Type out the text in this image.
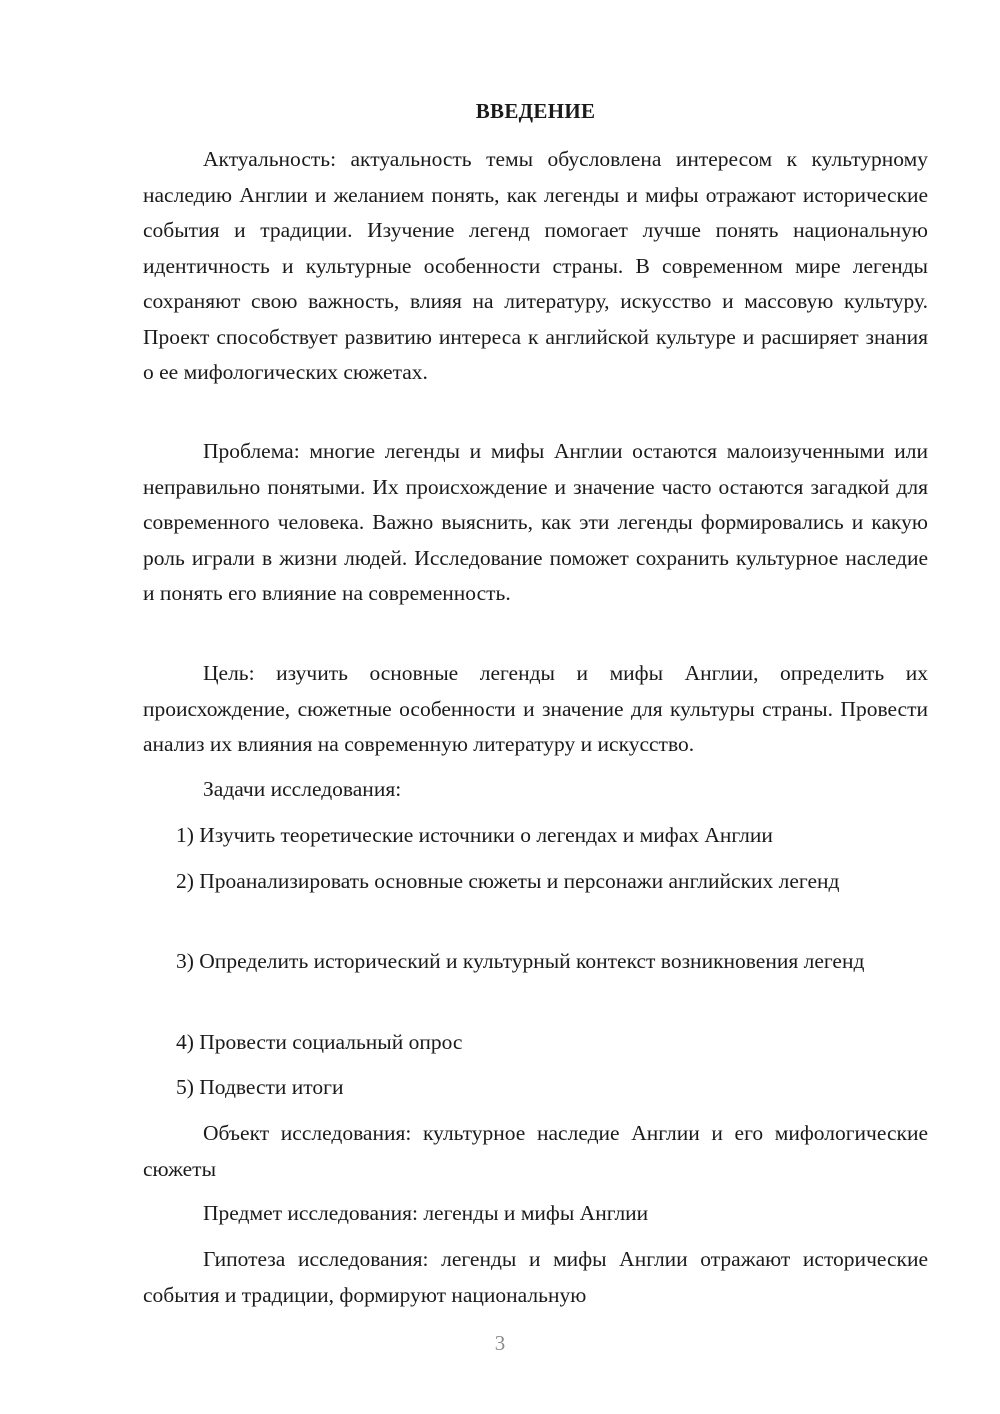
ВВЕДЕНИЕ

Актуальность: актуальность темы обусловлена интересом к культурному наследию Англии и желанием понять, как легенды и мифы отражают исторические события и традиции. Изучение легенд помогает лучше понять национальную идентичность и культурные особенности страны. В современном мире легенды сохраняют свою важность, влияя на литературу, искусство и массовую культуру. Проект способствует развитию интереса к английской культуре и расширяет знания о ее мифологических сюжетах.

Проблема: многие легенды и мифы Англии остаются малоизученными или неправильно понятыми. Их происхождение и значение часто остаются загадкой для современного человека. Важно выяснить, как эти легенды формировались и какую роль играли в жизни людей. Исследование поможет сохранить культурное наследие и понять его влияние на современность.

Цель: изучить основные легенды и мифы Англии, определить их происхождение, сюжетные особенности и значение для культуры страны. Провести анализ их влияния на современную литературу и искусство.

Задачи исследования:

1) Изучить теоретические источники о легендах и мифах Англии

2) Проанализировать основные сюжеты и персонажи английских легенд

3) Определить исторический и культурный контекст возникновения легенд

4) Провести социальный опрос

5) Подвести итоги

Объект исследования: культурное наследие Англии и его мифологические сюжеты

Предмет исследования: легенды и мифы Англии

Гипотеза исследования: легенды и мифы Англии отражают исторические события и традиции, формируют национальную

3
